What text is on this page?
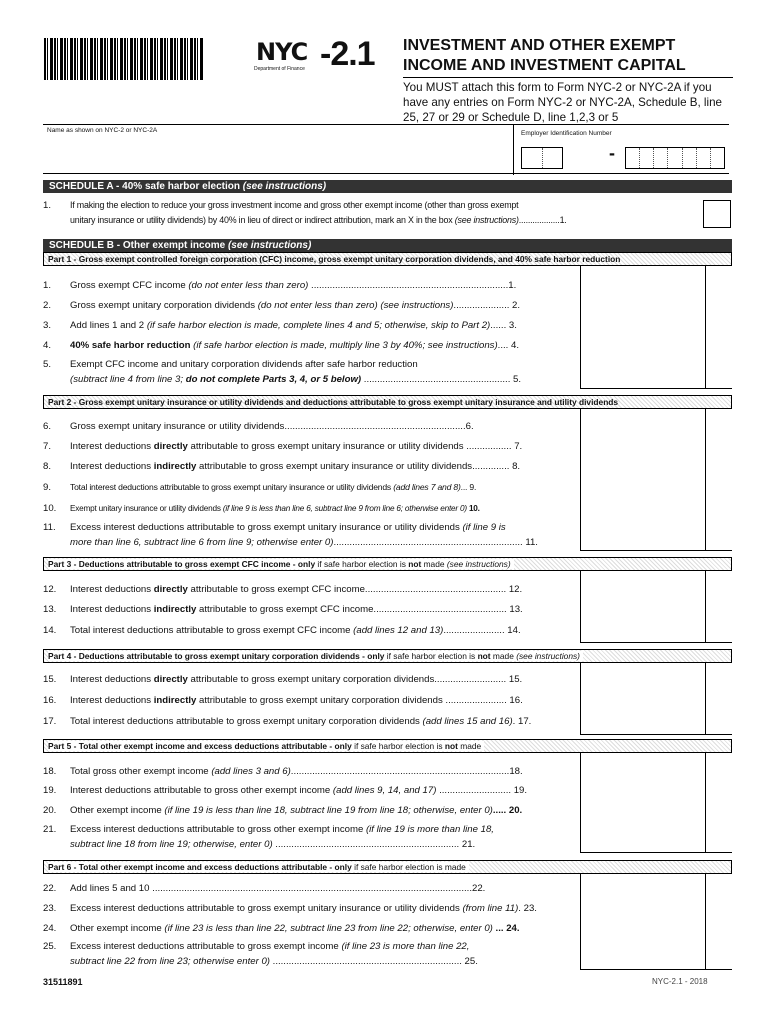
NYC
Department of Finance -2.1 INVESTMENT AND OTHER EXEMPT
INCOME AND INVESTMENT CAPITAL
You MUST attach this form to Form NYC-2 or NYC-2A if you have any entries on Form NYC-2 or NYC-2A, Schedule B, line 25, 27 or 29 or Schedule D, line 1,2,3 or 5
Name as shown on NYC-2 or NYC-2A	Employer Identification Number
-
SCHEDULE A - 40% safe harbor election (see instructions)
1.	If making the election to reduce your gross investment income and gross other exempt income (other than gross exempt
unitary insurance or utility dividends) by 40% in lieu of direct or indirect attribution, mark an X in the box (see instructions)..................1.
SCHEDULE B - Other exempt income (see instructions)
Part 1 - Gross exempt controlled foreign corporation (CFC) income, gross exempt unitary corporation dividends, and 40% safe harbor reduction
1.	Gross exempt CFC income (do not enter less than zero) ..........................................................................1.
2.	Gross exempt unitary corporation dividends (do not enter less than zero) (see instructions)..................... 2.
3.	Add lines 1 and 2 (if safe harbor election is made, complete lines 4 and 5; otherwise, skip to Part 2)...... 3.
4.	40% safe harbor reduction (if safe harbor election is made, multiply line 3 by 40%; see instructions).... 4.
5.	Exempt CFC income and unitary corporation dividends after safe harbor reduction
(subtract line 4 from line 3; do not complete Parts 3, 4, or 5 below) ....................................................... 5.
Part 2 - Gross exempt unitary insurance or utility dividends and deductions attributable to gross exempt unitary insurance and utility dividends
6.	Gross exempt unitary insurance or utility dividends....................................................................6.
7.	Interest deductions directly attributable to gross exempt unitary insurance or utility dividends ................. 7.
8.	Interest deductions indirectly attributable to gross exempt unitary insurance or utility dividends.............. 8.
9.	Total interest deductions attributable to gross exempt unitary insurance or utility dividends (add lines 7 and 8)... 9.
10.	Exempt unitary insurance or utility dividends (if line 9 is less than line 6, subtract line 9 from line 6; otherwise enter 0) 10.
11.	Excess interest deductions attributable to gross exempt unitary insurance or utility dividends (if line 9 is
more than line 6, subtract line 6 from line 9; otherwise enter 0)....................................................................... 11.
Part 3 - Deductions attributable to gross exempt CFC income - only if safe harbor election is not made (see instructions)
12.	Interest deductions directly attributable to gross exempt CFC income..................................................... 12.
13.	Interest deductions indirectly attributable to gross exempt CFC income.................................................. 13.
14.	Total interest deductions attributable to gross exempt CFC income (add lines 12 and 13)....................... 14.
Part 4 - Deductions attributable to gross exempt unitary corporation dividends - only if safe harbor election is not made (see instructions)
15.	Interest deductions directly attributable to gross exempt unitary corporation dividends........................... 15.
16.	Interest deductions indirectly attributable to gross exempt unitary corporation dividends ....................... 16.
17.	Total interest deductions attributable to gross exempt unitary corporation dividends (add lines 15 and 16). 17.
Part 5 - Total other exempt income and excess deductions attributable - only if safe harbor election is not made
18.	Total gross other exempt income (add lines 3 and 6)..................................................................................18.
19.	Interest deductions attributable to gross other exempt income (add lines 9, 14, and 17) ........................... 19.
20.	Other exempt income (if line 19 is less than line 18, subtract line 19 from line 18; otherwise, enter 0)..... 20.
21.	Excess interest deductions attributable to gross other exempt income (if line 19 is more than line 18,
subtract line 18 from line 19; otherwise, enter 0) ..................................................................... 21.
Part 6 - Total other exempt income and excess deductions attributable - only if safe harbor election is made
22.	Add lines 5 and 10 ........................................................................................................................22.
23.	Excess interest deductions attributable to gross exempt unitary insurance or utility dividends (from line 11). 23.
24.	Other exempt income (if line 23 is less than line 22, subtract line 23 from line 22; otherwise, enter 0) ... 24.
25.	Excess interest deductions attributable to gross exempt income (if line 23 is more than line 22,
subtract line 22 from line 23; otherwise enter 0) ....................................................................... 25.
31511891	NYC-2.1 - 2018
